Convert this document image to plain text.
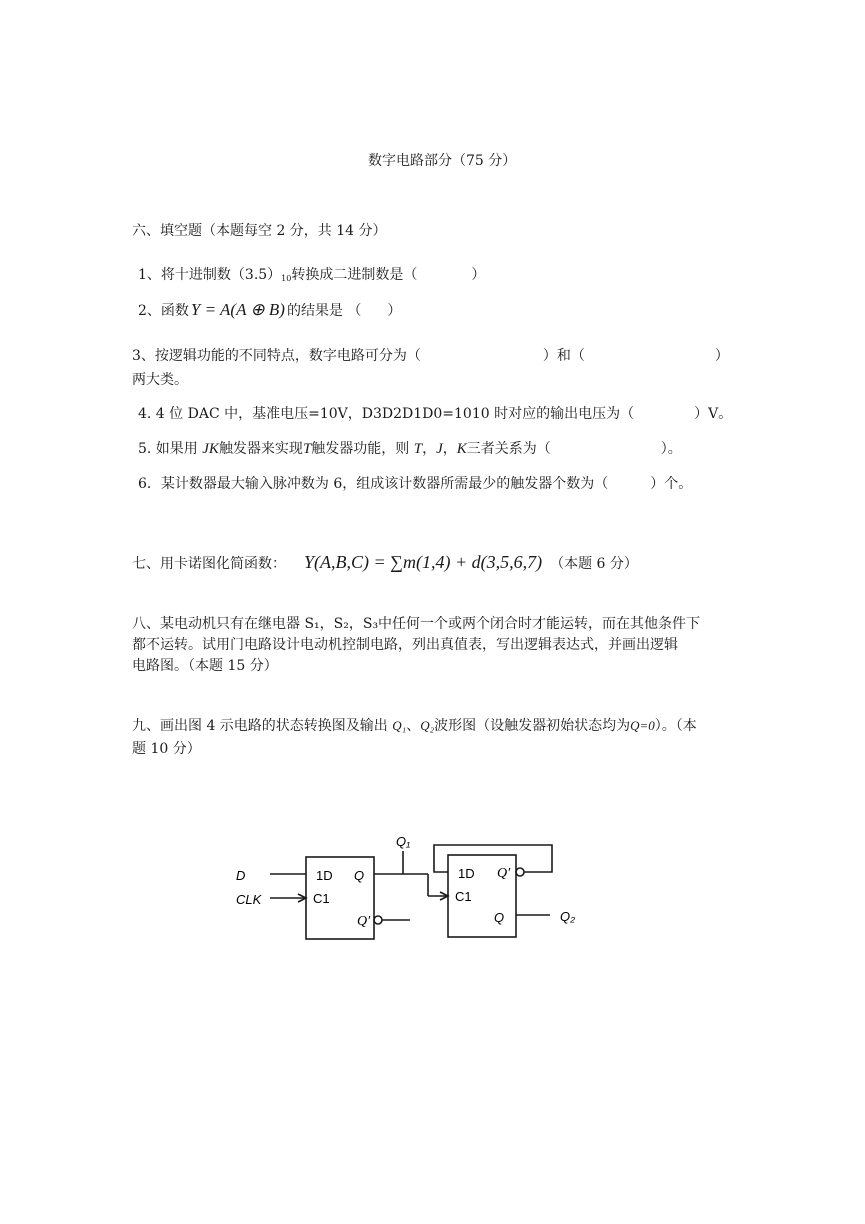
数字电路部分（75 分）
六、填空题（本题每空 2 分，共 14 分）
1、将十进制数$(3.5)_{10}$转换成二进制数是（	）
2、函数 Y = A(A ⊕ B) 的结果是 （ ）
3、按逻辑功能的不同特点，数字电路可分为（	）和（	）
两大类。
4. 4 位 DAC 中，基准电压=10V，D3D2D1D0=1010 时对应的输出电压为（	）V。
5. 如果用 JK触发器来实现T触发器功能，则 T，J，K三者关系为（	）。
6．某计数器最大输入脉冲数为 6，组成该计数器所需最少的触发器个数为（	）个。
七、用卡诺图化简函数： Y(A,B,C) = ∑m(1,4) + d(3,5,6,7) （本题 6 分）
八、某电动机只有在继电器 S₁，S₂，S₃中任何一个或两个闭合时才能运转，而在其他条件下
都不运转。试用门电路设计电动机控制电路，列出真值表，写出逻辑表达式，并画出逻辑
电路图。（本题 15 分）
九、画出图 4 示电路的状态转换图及输出 Q₁、Q₂波形图（设触发器初始状态均为Q=0）。（本
题 10 分）
D
CLK
1D
C1
Q
Q′
1D
C1
Q′
Q
Q₁
Q₂
